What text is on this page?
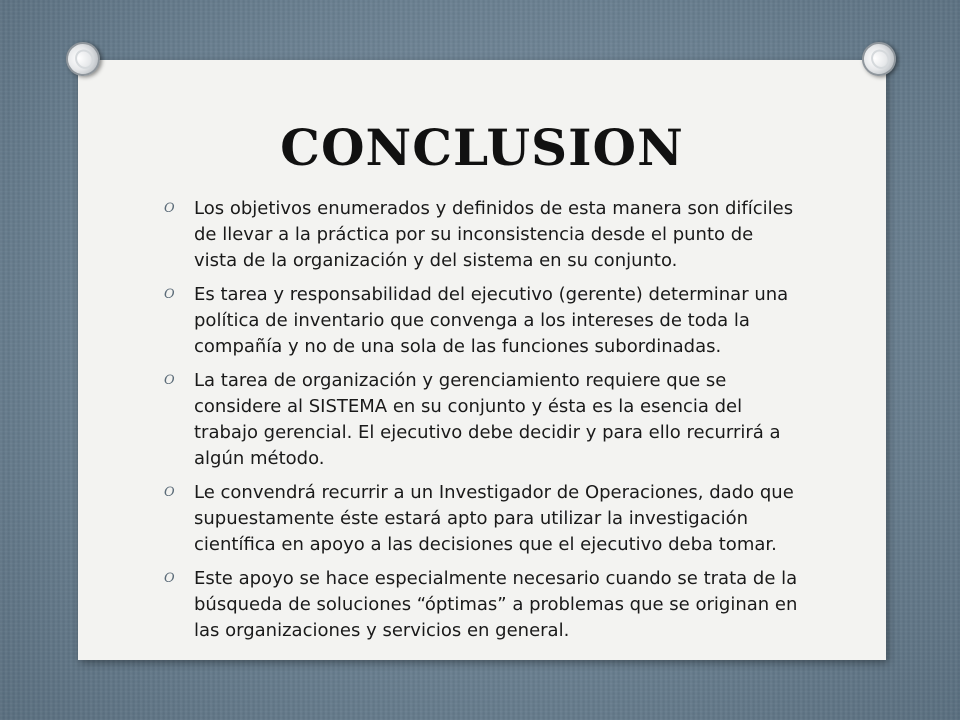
CONCLUSION
O Los objetivos enumerados y definidos de esta manera son difíciles de llevar a la práctica por su inconsistencia desde el punto de vista de la organización y del sistema en su conjunto.
O Es tarea y responsabilidad del ejecutivo (gerente) determinar una política de inventario que convenga a los intereses de toda la compañía y no de una sola de las funciones subordinadas.
O La tarea de organización y gerenciamiento requiere que se considere al SISTEMA en su conjunto y ésta es la esencia del trabajo gerencial. El ejecutivo debe decidir y para ello recurrirá a algún método.
O Le convendrá recurrir a un Investigador de Operaciones, dado que supuestamente éste estará apto para utilizar la investigación científica en apoyo a las decisiones que el ejecutivo deba tomar.
O Este apoyo se hace especialmente necesario cuando se trata de la búsqueda de soluciones “óptimas” a problemas que se originan en las organizaciones y servicios en general.
